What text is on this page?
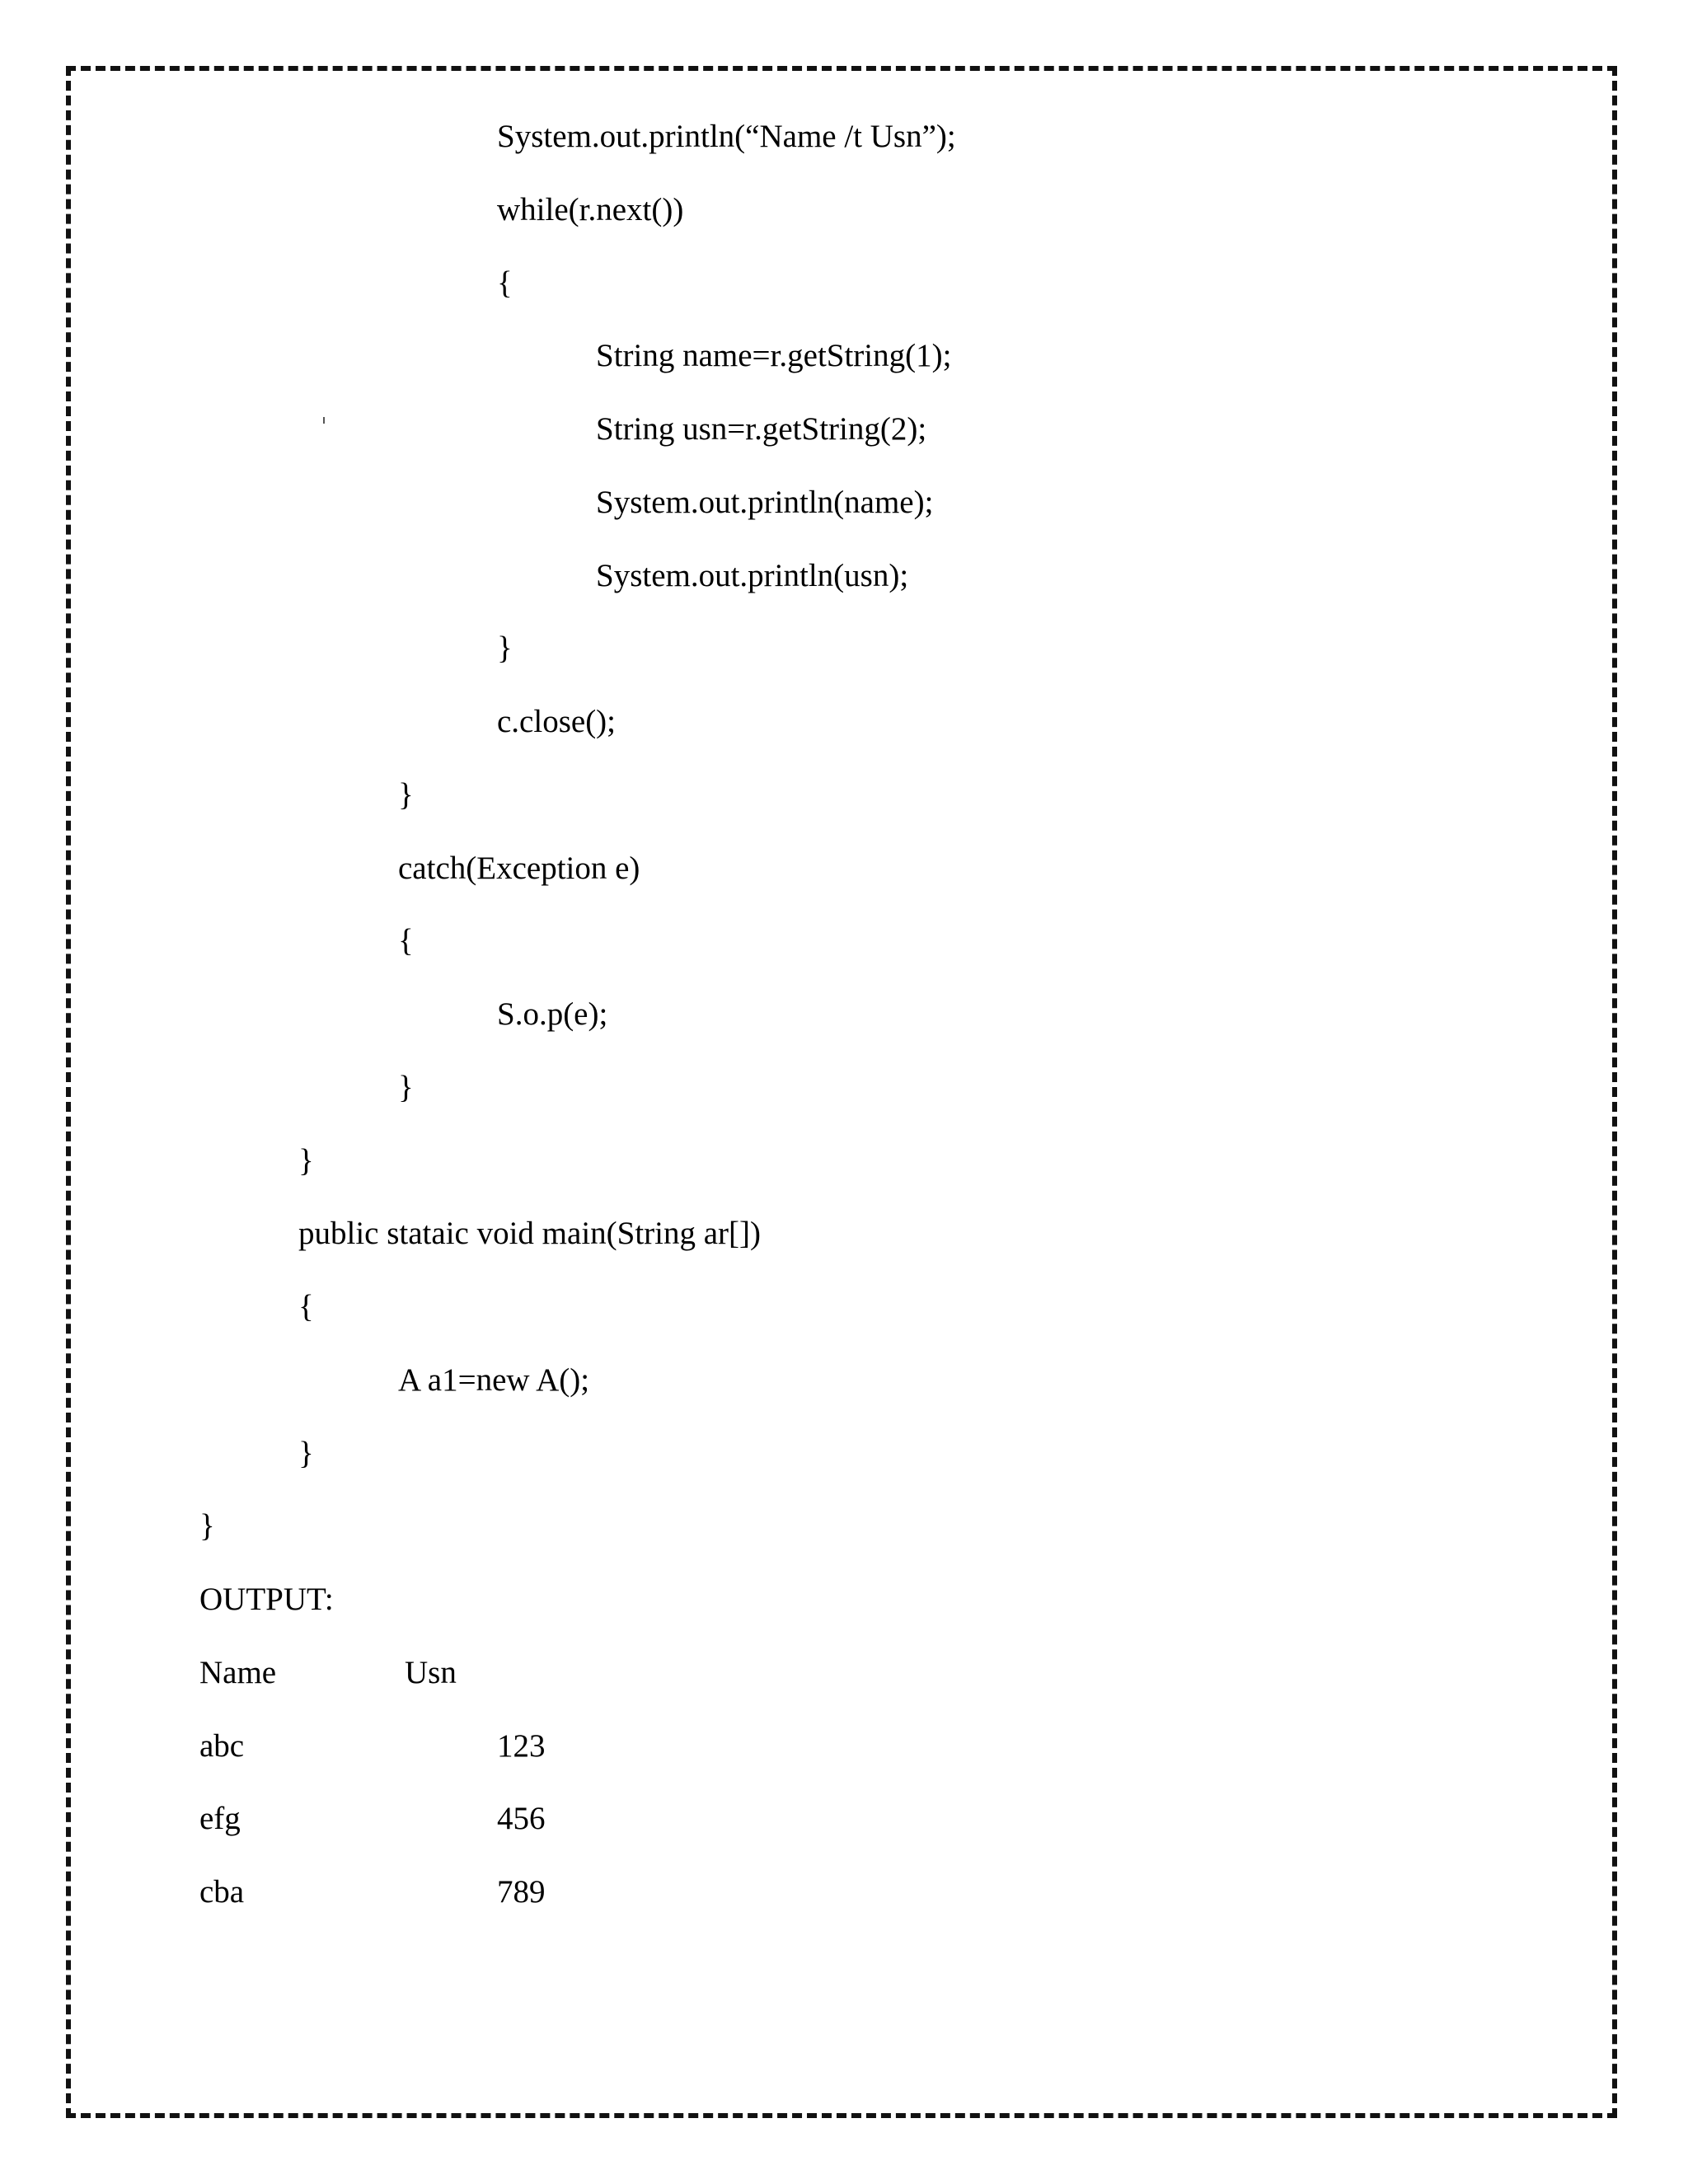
System.out.println(“Name /t Usn”);
while(r.next())
{
String name=r.getString(1);
String usn=r.getString(2);
System.out.println(name);
System.out.println(usn);
}
c.close();
}
catch(Exception e)
{
S.o.p(e);
}
}
public stataic void main(String ar[])
{
A a1=new A();
}
}
OUTPUT:
Name	Usn
abc	123
efg	456
cba	789
